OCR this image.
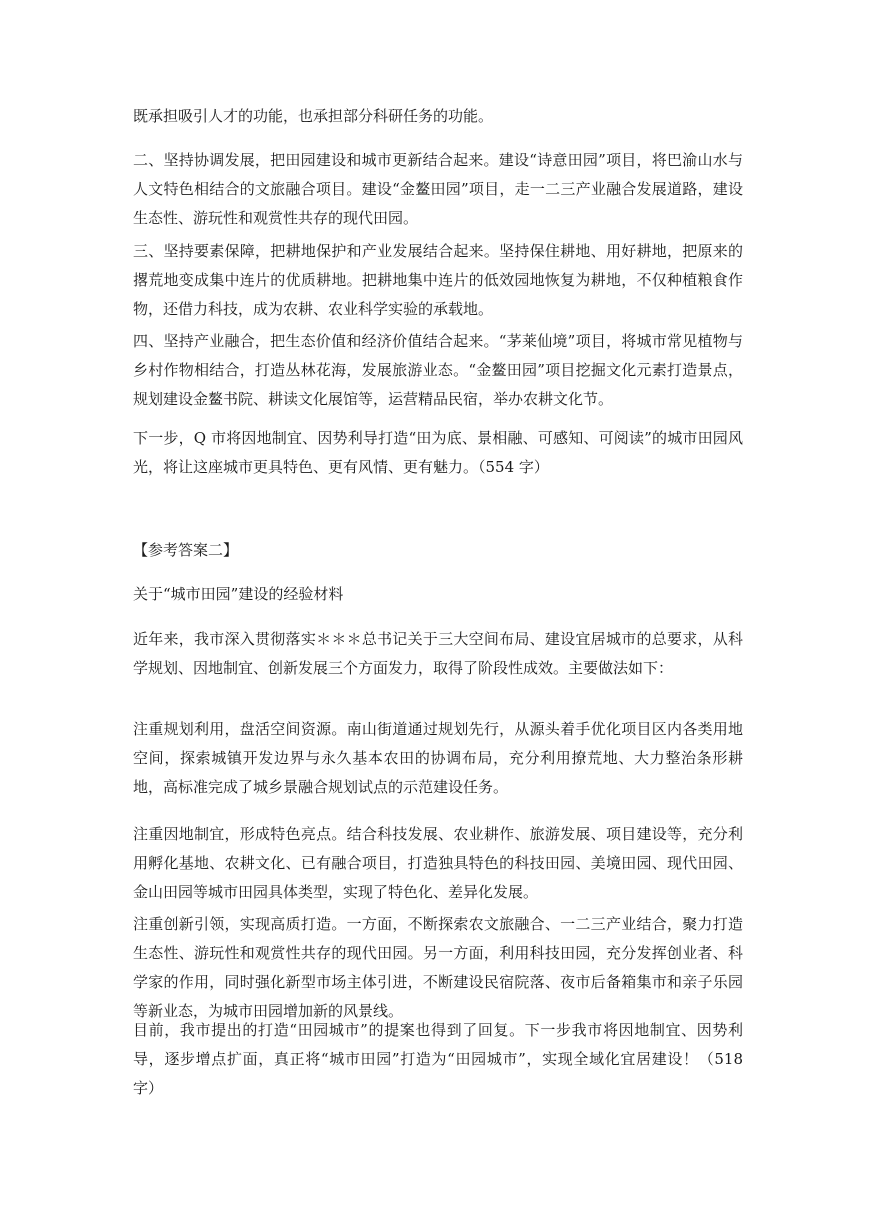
既承担吸引人才的功能，也承担部分科研任务的功能。

二、坚持协调发展，把田园建设和城市更新结合起来。建设“诗意田园”项目，将巴渝山水与人文特色相结合的文旅融合项目。建设“金鳌田园”项目，走一二三产业融合发展道路，建设生态性、游玩性和观赏性共存的现代田园。

三、坚持要素保障，把耕地保护和产业发展结合起来。坚持保住耕地、用好耕地，把原来的撂荒地变成集中连片的优质耕地。把耕地集中连片的低效园地恢复为耕地，不仅种植粮食作物，还借力科技，成为农耕、农业科学实验的承载地。

四、坚持产业融合，把生态价值和经济价值结合起来。“茅莱仙境”项目，将城市常见植物与乡村作物相结合，打造丛林花海，发展旅游业态。“金鳌田园”项目挖掘文化元素打造景点，规划建设金鳌书院、耕读文化展馆等，运营精品民宿，举办农耕文化节。

下一步，Q 市将因地制宜、因势利导打造“田为底、景相融、可感知、可阅读”的城市田园风光，将让这座城市更具特色、更有风情、更有魅力。（554 字）

【参考答案二】

关于“城市田园”建设的经验材料

近年来，我市深入贯彻落实＊＊＊总书记关于三大空间布局、建设宜居城市的总要求，从科学规划、因地制宜、创新发展三个方面发力，取得了阶段性成效。主要做法如下：

注重规划利用，盘活空间资源。南山街道通过规划先行，从源头着手优化项目区内各类用地空间，探索城镇开发边界与永久基本农田的协调布局，充分利用撩荒地、大力整治条形耕地，高标准完成了城乡景融合规划试点的示范建设任务。

注重因地制宜，形成特色亮点。结合科技发展、农业耕作、旅游发展、项目建设等，充分利用孵化基地、农耕文化、已有融合项目，打造独具特色的科技田园、美境田园、现代田园、金山田园等城市田园具体类型，实现了特色化、差异化发展。

注重创新引领，实现高质打造。一方面，不断探索农文旅融合、一二三产业结合，聚力打造生态性、游玩性和观赏性共存的现代田园。另一方面，利用科技田园，充分发挥创业者、科学家的作用，同时强化新型市场主体引进，不断建设民宿院落、夜市后备箱集市和亲子乐园等新业态，为城市田园增加新的风景线。

目前，我市提出的打造“田园城市”的提案也得到了回复。下一步我市将因地制宜、因势利导，逐步增点扩面，真正将“城市田园”打造为“田园城市”，实现全域化宜居建设！（518 字）
